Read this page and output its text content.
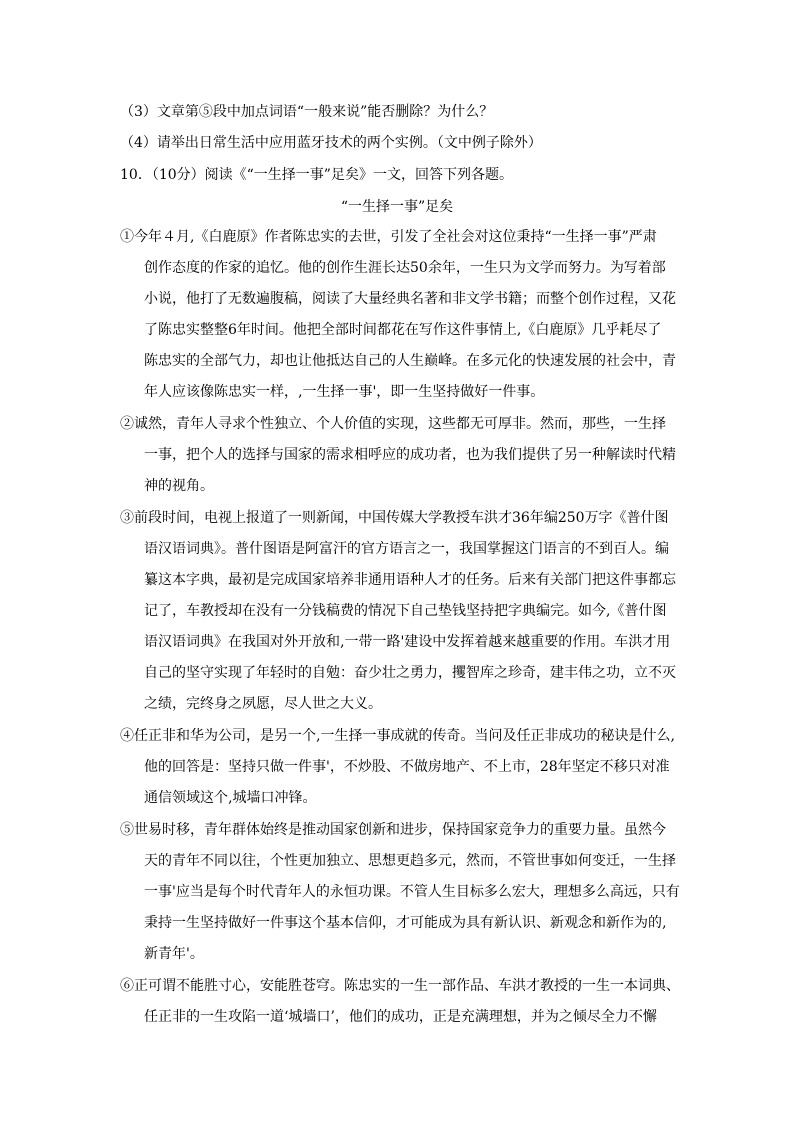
（3）文章第⑤段中加点词语“一般来说”能否删除？为什么？
（4）请举出日常生活中应用蓝牙技术的两个实例。（文中例子除外）
10．（10分）阅读《“一生择一事”足矣》一文，回答下列各题。
“一生择一事”足矣
①今年４月,《白鹿原》作者陈忠实的去世，引发了全社会对这位秉持“一生择一事”严肃
创作态度的作家的追忆。他的创作生涯长达50余年，一生只为文学而努力。为写着部
小说，他打了无数遍腹稿，阅读了大量经典名著和非文学书籍；而整个创作过程，又花
了陈忠实整整6年时间。他把全部时间都花在写作这件事情上,《白鹿原》几乎耗尽了
陈忠实的全部气力，却也让他抵达自己的人生巅峰。在多元化的快速发展的社会中，青
年人应该像陈忠实一样，‚一生择一事'，即一生坚持做好一件事。
②诚然，青年人寻求个性独立、个人价值的实现，这些都无可厚非。然而，那些，一生择
一事，把个人的选择与国家的需求相呼应的成功者，也为我们提供了另一种解读时代精
神的视角。
③前段时间，电视上报道了一则新闻，中国传媒大学教授车洪才36年编250万字《普什图
语汉语词典》。普什图语是阿富汗的官方语言之一，我国掌握这门语言的不到百人。编
纂这本字典，最初是完成国家培养非通用语种人才的任务。后来有关部门把这件事都忘
记了，车教授却在没有一分钱稿费的情况下自己垫钱坚持把字典编完。如今,《普什图
语汉语词典》在我国对外开放和‚一带一路'建设中发挥着越来越重要的作用。车洪才用
自己的坚守实现了年轻时的自勉：奋少壮之勇力，攫智库之珍奇，建丰伟之功，立不灭
之绩，完终身之夙愿，尽人世之大义。
④任正非和华为公司，是另一个‚一生择一事成就的传奇。当问及任正非成功的秘诀是什么,
他的回答是：坚持只做一件事'，不炒股、不做房地产、不上市，28年坚定不移只对准
通信领域这个‚城墙口冲锋。
⑤世易时移，青年群体始终是推动国家创新和进步，保持国家竞争力的重要力量。虽然今
天的青年不同以往，个性更加独立、思想更趋多元，然而，不管世事如何变迁，一生择
一事'应当是每个时代青年人的永恒功课。不管人生目标多么宏大，理想多么高远，只有
秉持一生坚持做好一件事这个基本信仰，才可能成为具有新认识、新观念和新作为的‚
新青年'。
⑥正可谓不能胜寸心，安能胜苍穹。陈忠实的一生一部作品、车洪才教授的一生一本词典、
任正非的一生攻陷一道‘城墙口’，他们的成功，正是充满理想，并为之倾尽全力不懈
